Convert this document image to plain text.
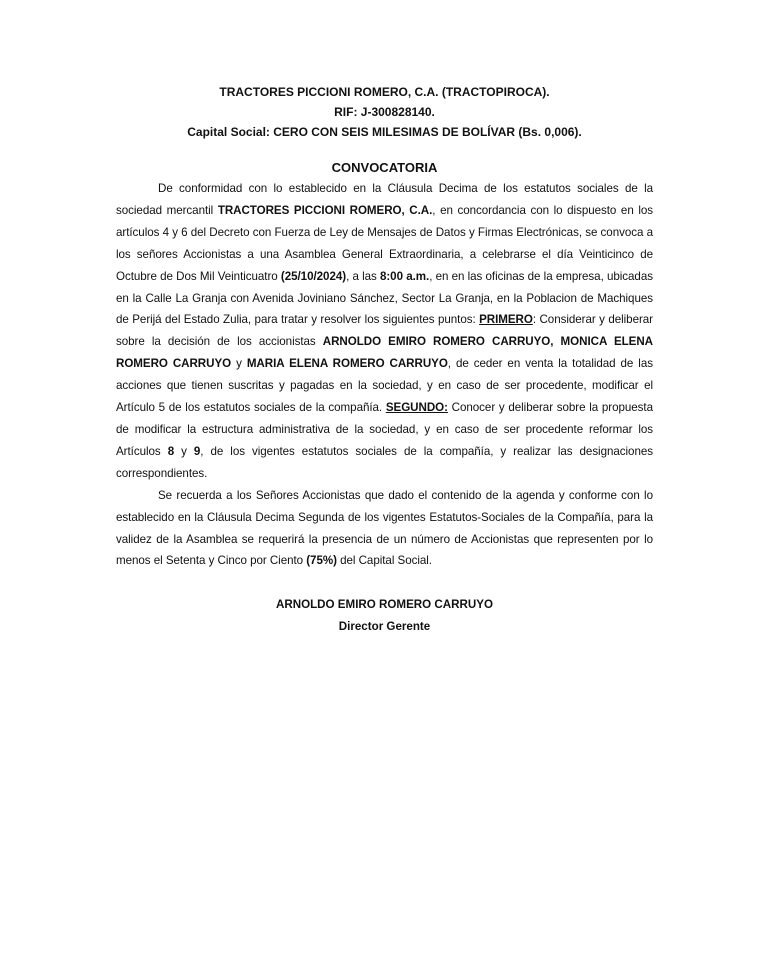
TRACTORES PICCIONI ROMERO, C.A. (TRACTOPIROCA).
RIF: J-300828140.
Capital Social: CERO CON SEIS MILESIMAS DE BOLÍVAR (Bs. 0,006).
CONVOCATORIA

De conformidad con lo establecido en la Cláusula Decima de los estatutos sociales de la sociedad mercantil TRACTORES PICCIONI ROMERO, C.A., en concordancia con lo dispuesto en los artículos 4 y 6 del Decreto con Fuerza de Ley de Mensajes de Datos y Firmas Electrónicas, se convoca a los señores Accionistas a una Asamblea General Extraordinaria, a celebrarse el día Veinticinco de Octubre de Dos Mil Veinticuatro (25/10/2024), a las 8:00 a.m., en en las oficinas de la empresa, ubicadas en la Calle La Granja con Avenida Joviniano Sánchez, Sector La Granja, en la Poblacion de Machiques de Perijá del Estado Zulia, para tratar y resolver los siguientes puntos: PRIMERO: Considerar y deliberar sobre la decisión de los accionistas ARNOLDO EMIRO ROMERO CARRUYO, MONICA ELENA ROMERO CARRUYO y MARIA ELENA ROMERO CARRUYO, de ceder en venta la totalidad de las acciones que tienen suscritas y pagadas en la sociedad, y en caso de ser procedente, modificar el Artículo 5 de los estatutos sociales de la compañía. SEGUNDO: Conocer y deliberar sobre la propuesta de modificar la estructura administrativa de la sociedad, y en caso de ser procedente reformar los Artículos 8 y 9, de los vigentes estatutos sociales de la compañía, y realizar las designaciones correspondientes.

Se recuerda a los Señores Accionistas que dado el contenido de la agenda y conforme con lo establecido en la Cláusula Decima Segunda de los vigentes Estatutos-Sociales de la Compañía, para la validez de la Asamblea se requerirá la presencia de un número de Accionistas que representen por lo menos el Setenta y Cinco por Ciento (75%) del Capital Social.

ARNOLDO EMIRO ROMERO CARRUYO
Director Gerente
